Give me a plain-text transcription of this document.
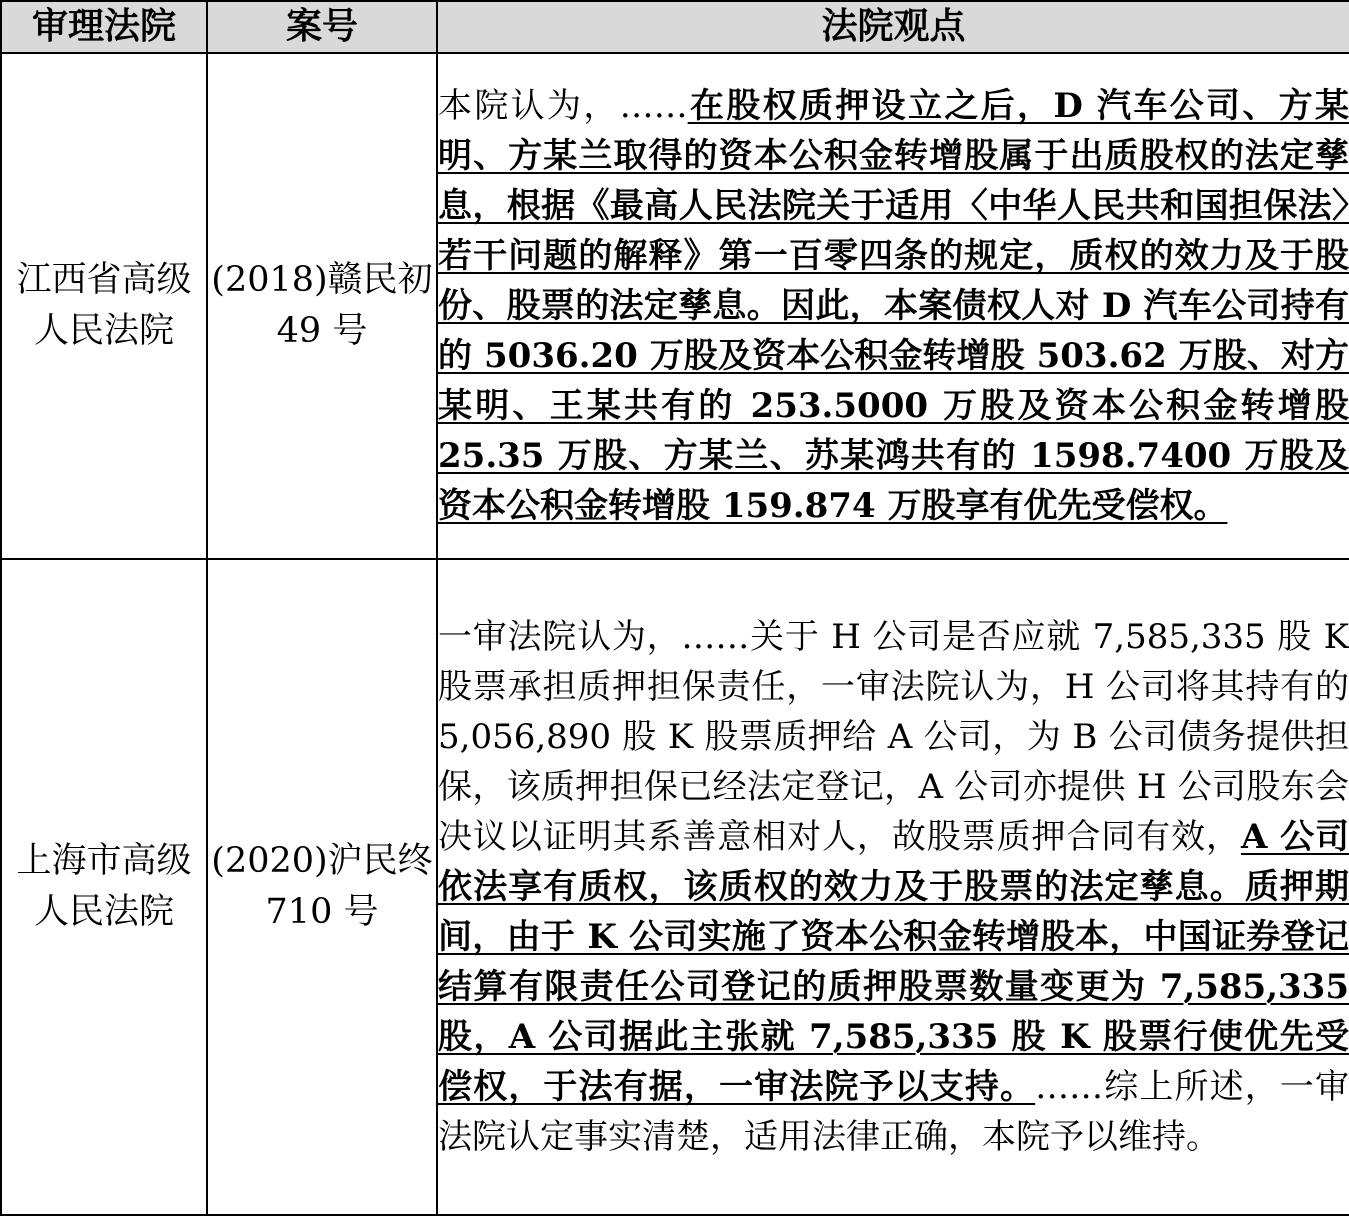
审理法院	案号	法院观点
江西省高级人民法院	(2018)赣民初 49 号	本院认为，……在股权质押设立之后，D 汽车公司、方某明、方某兰取得的资本公积金转增股属于出质股权的法定孳息，根据《最高人民法院关于适用〈中华人民共和国担保法〉若干问题的解释》第一百零四条的规定，质权的效力及于股份、股票的法定孳息。因此，本案债权人对 D 汽车公司持有的 5036.20 万股及资本公积金转增股 503.62 万股、对方某明、王某共有的 253.5000 万股及资本公积金转增股 25.35 万股、方某兰、苏某鸿共有的 1598.7400 万股及资本公积金转增股 159.874 万股享有优先受偿权。
上海市高级人民法院	(2020)沪民终 710 号	一审法院认为，……关于 H 公司是否应就 7,585,335 股 K 股票承担质押担保责任，一审法院认为，H 公司将其持有的 5,056,890 股 K 股票质押给 A 公司，为 B 公司债务提供担保，该质押担保已经法定登记，A 公司亦提供 H 公司股东会决议以证明其系善意相对人，故股票质押合同有效，A 公司依法享有质权，该质权的效力及于股票的法定孳息。质押期间，由于 K 公司实施了资本公积金转增股本，中国证券登记结算有限责任公司登记的质押股票数量变更为 7,585,335 股，A 公司据此主张就 7,585,335 股 K 股票行使优先受偿权，于法有据，一审法院予以支持。……综上所述，一审法院认定事实清楚，适用法律正确，本院予以维持。
